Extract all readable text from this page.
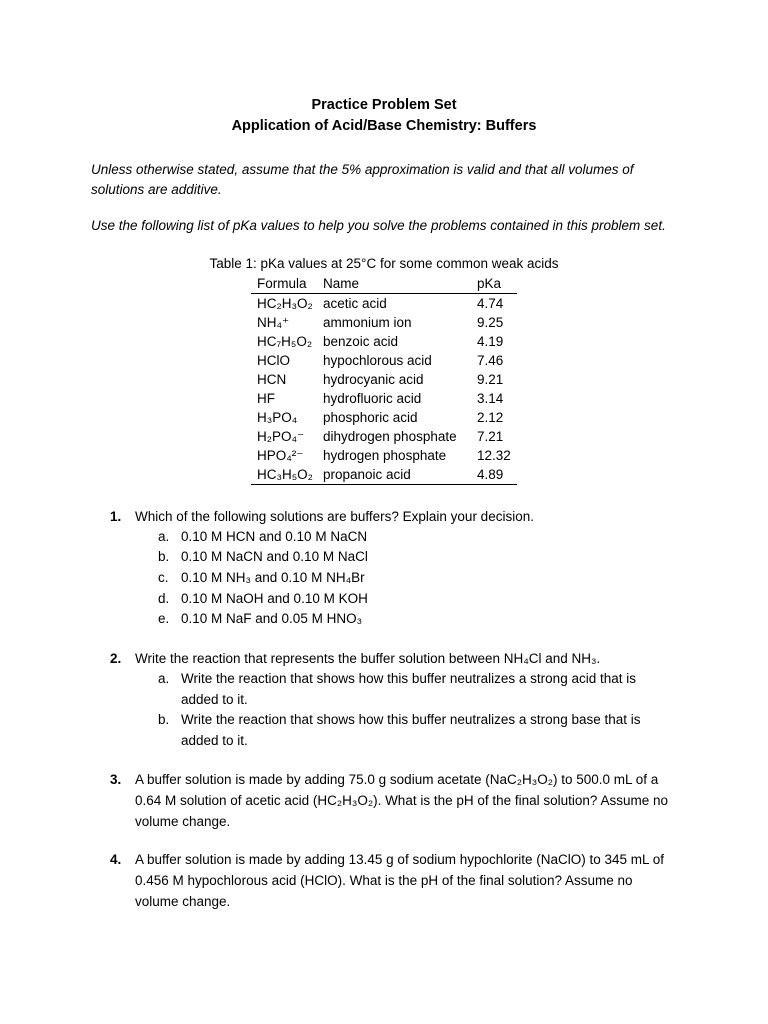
Practice Problem Set
Application of Acid/Base Chemistry: Buffers
Unless otherwise stated, assume that the 5% approximation is valid and that all volumes of solutions are additive.
Use the following list of pKa values to help you solve the problems contained in this problem set.
Table 1: pKa values at 25°C for some common weak acids
Formula	Name	pKa
HC₂H₃O₂	acetic acid	4.74
NH₄⁺	ammonium ion	9.25
HC₇H₅O₂	benzoic acid	4.19
HClO	hypochlorous acid	7.46
HCN	hydrocyanic acid	9.21
HF	hydrofluoric acid	3.14
H₃PO₄	phosphoric acid	2.12
H₂PO₄⁻	dihydrogen phosphate	7.21
HPO₄²⁻	hydrogen phosphate	12.32
HC₃H₅O₂	propanoic acid	4.89
1. Which of the following solutions are buffers? Explain your decision.
a. 0.10 M HCN and 0.10 M NaCN
b. 0.10 M NaCN and 0.10 M NaCl
c. 0.10 M NH₃ and 0.10 M NH₄Br
d. 0.10 M NaOH and 0.10 M KOH
e. 0.10 M NaF and 0.05 M HNO₃
2. Write the reaction that represents the buffer solution between NH₄Cl and NH₃.
a. Write the reaction that shows how this buffer neutralizes a strong acid that is added to it.
b. Write the reaction that shows how this buffer neutralizes a strong base that is added to it.
3. A buffer solution is made by adding 75.0 g sodium acetate (NaC₂H₃O₂) to 500.0 mL of a 0.64 M solution of acetic acid (HC₂H₃O₂). What is the pH of the final solution? Assume no volume change.
4. A buffer solution is made by adding 13.45 g of sodium hypochlorite (NaClO) to 345 mL of 0.456 M hypochlorous acid (HClO). What is the pH of the final solution? Assume no volume change.
